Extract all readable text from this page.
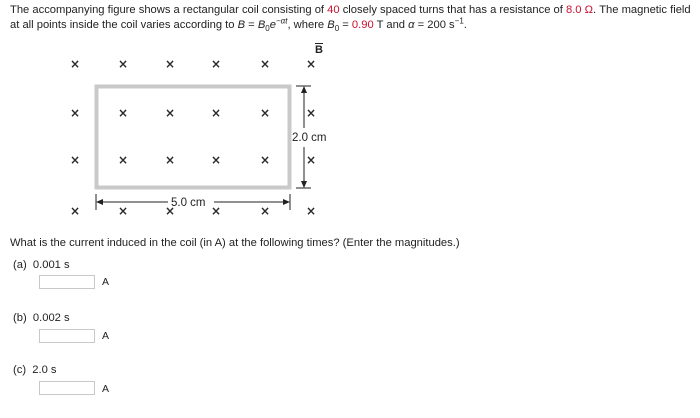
The accompanying figure shows a rectangular coil consisting of 40 closely spaced turns that has a resistance of 8.0 Ω. The magnetic field at all points inside the coil varies according to $B = B_0e^{-\alpha t}$, where $B_0 = 0.90$ T and α = 200 $s^{-1}$.
2.0 cm
5.0 cm
B
×	×	×	×	×	×
×	×	×	×	×	×
×	×	×	×	×	×
×	×	×	×	×	×
What is the current induced in the coil (in A) at the following times? (Enter the magnitudes.)
(a) 0.001 s
A
(b) 0.002 s
A
(c) 2.0 s
A
